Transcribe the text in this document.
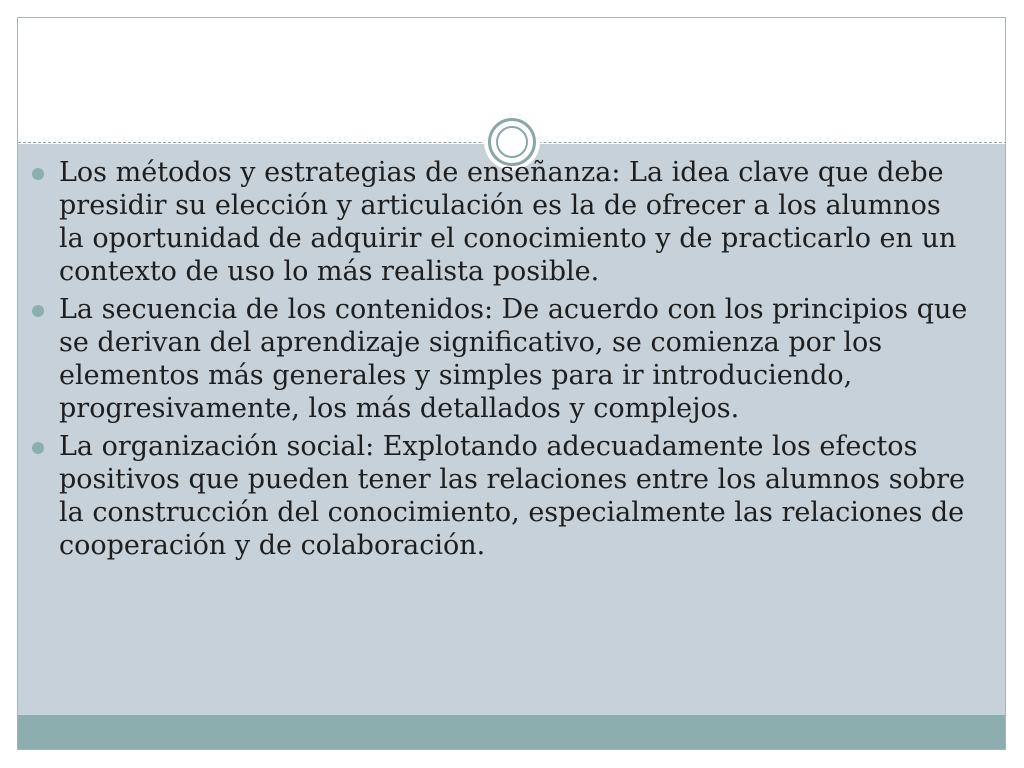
Los métodos y estrategias de enseñanza: La idea clave que debe presidir su elección y articulación es la de ofrecer a los alumnos la oportunidad de adquirir el conocimiento y de practicarlo en un contexto de uso lo más realista posible.
La secuencia de los contenidos: De acuerdo con los principios que se derivan del aprendizaje significativo, se comienza por los elementos más generales y simples para ir introduciendo, progresivamente, los más detallados y complejos.
La organización social: Explotando adecuadamente los efectos positivos que pueden tener las relaciones entre los alumnos sobre la construcción del conocimiento, especialmente las relaciones de cooperación y de colaboración.
